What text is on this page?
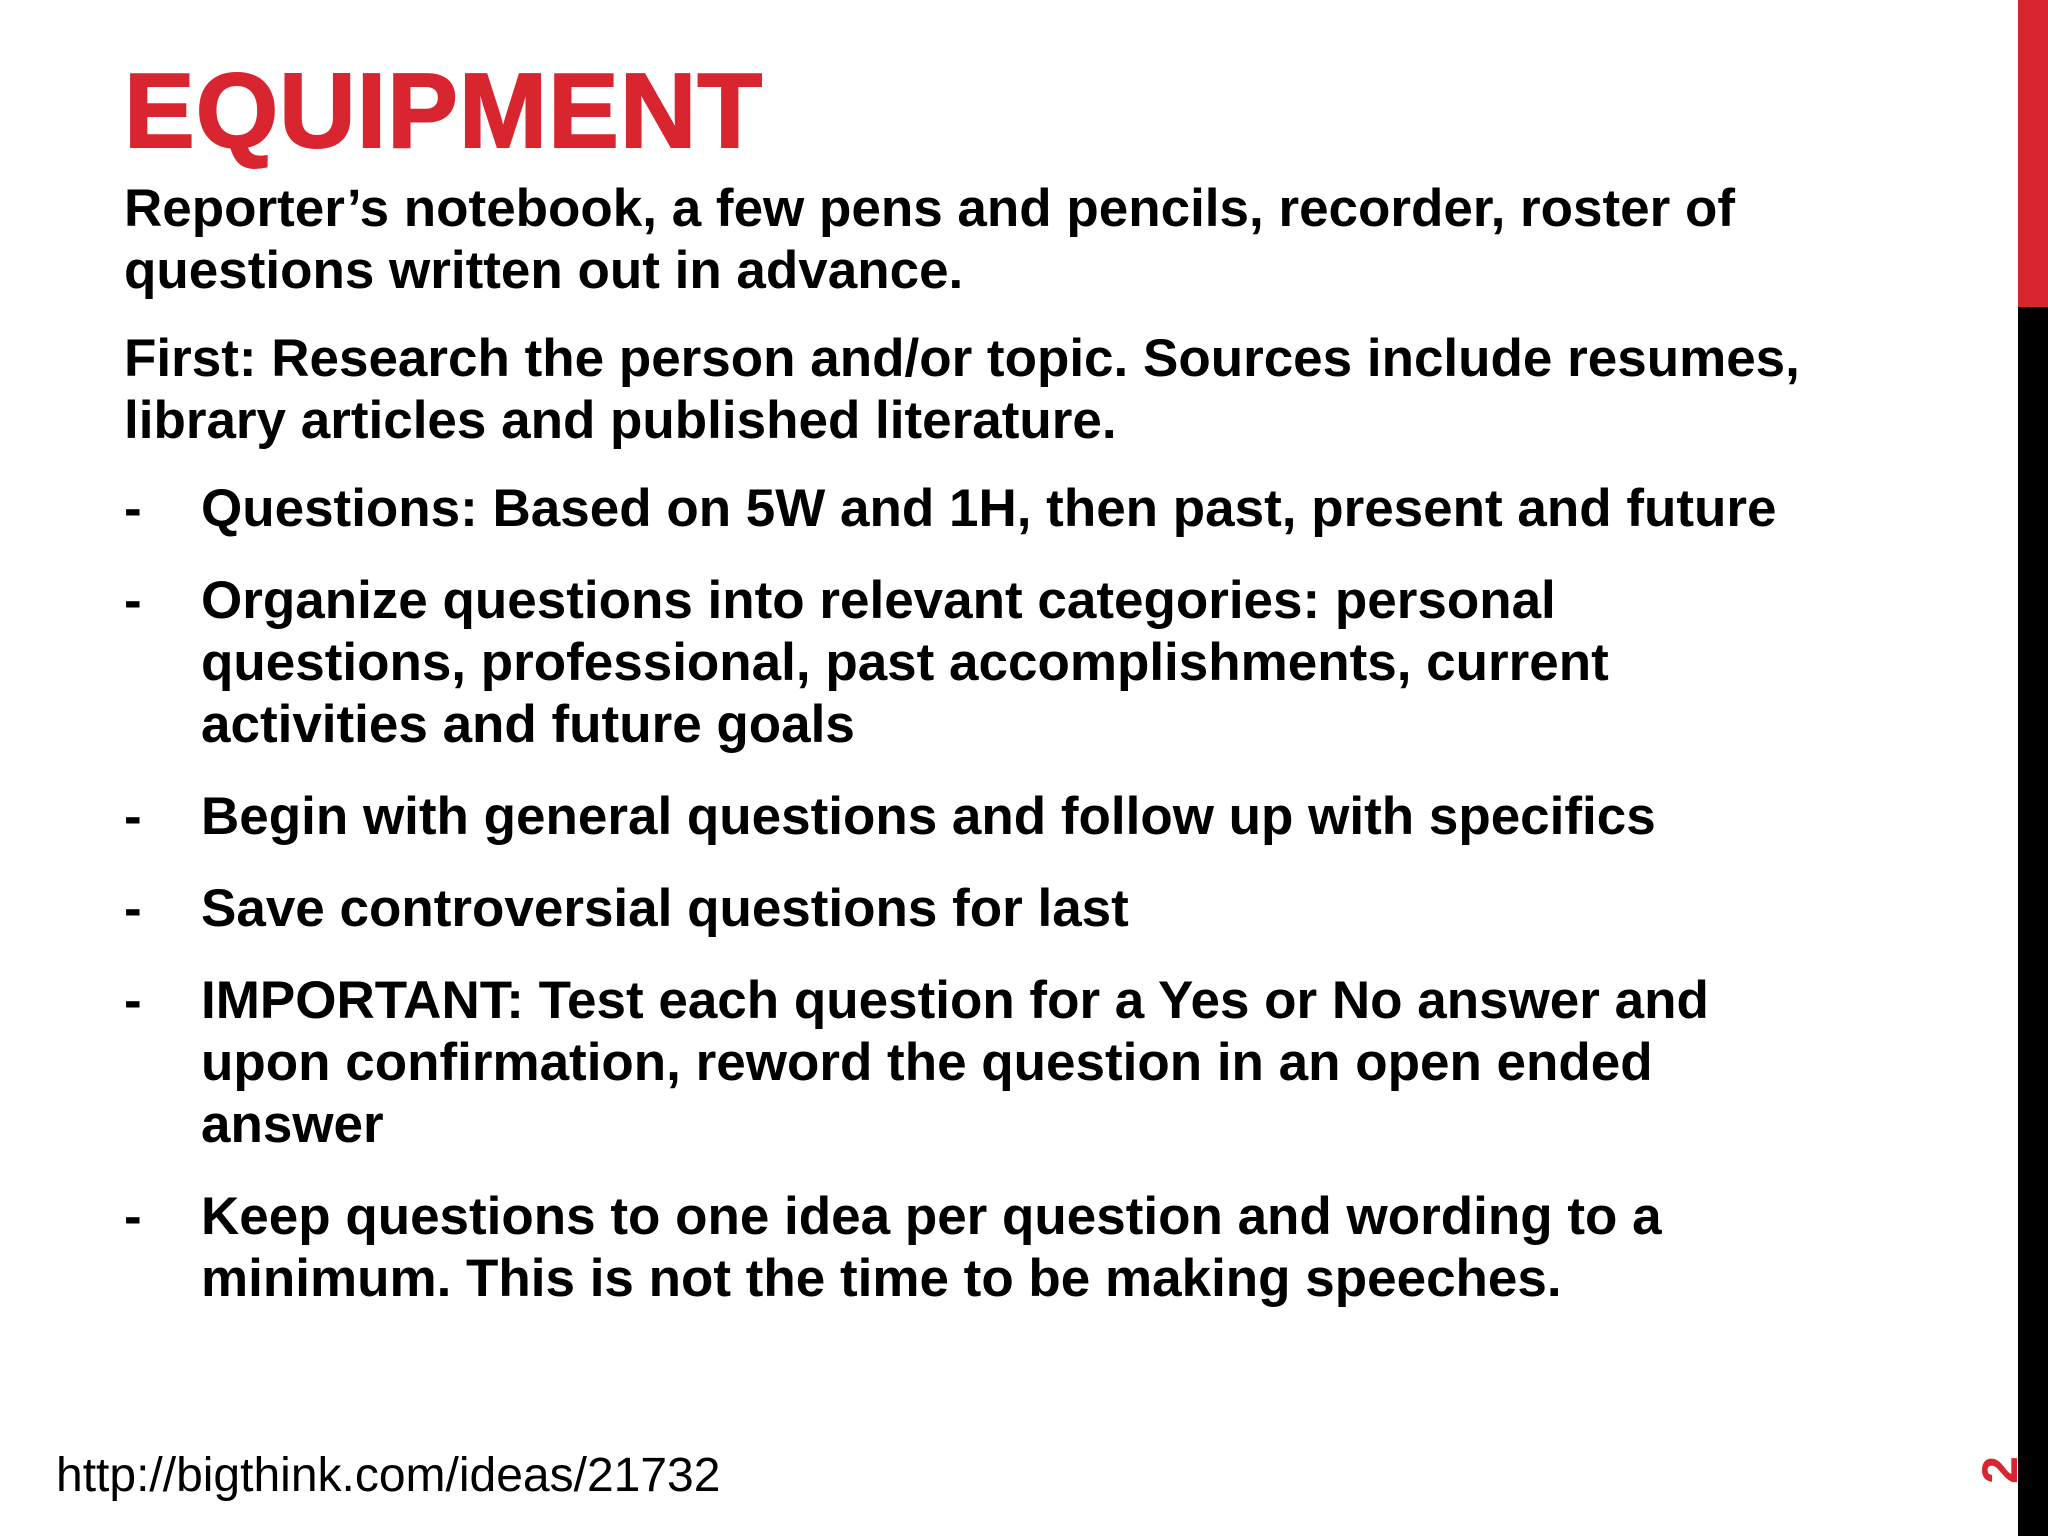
EQUIPMENT

Reporter’s notebook, a few pens and pencils, recorder, roster of questions written out in advance.

First: Research the person and/or topic. Sources include resumes, library articles and published literature.

- Questions: Based on 5W and 1H, then past, present and future
- Organize questions into relevant categories: personal questions, professional, past accomplishments, current activities and future goals
- Begin with general questions and follow up with specifics
- Save controversial questions for last
- IMPORTANT: Test each question for a Yes or No answer and upon confirmation, reword the question in an open ended answer
- Keep questions to one idea per question and wording to a minimum. This is not the time to be making speeches.
http://bigthink.com/ideas/21732	2
